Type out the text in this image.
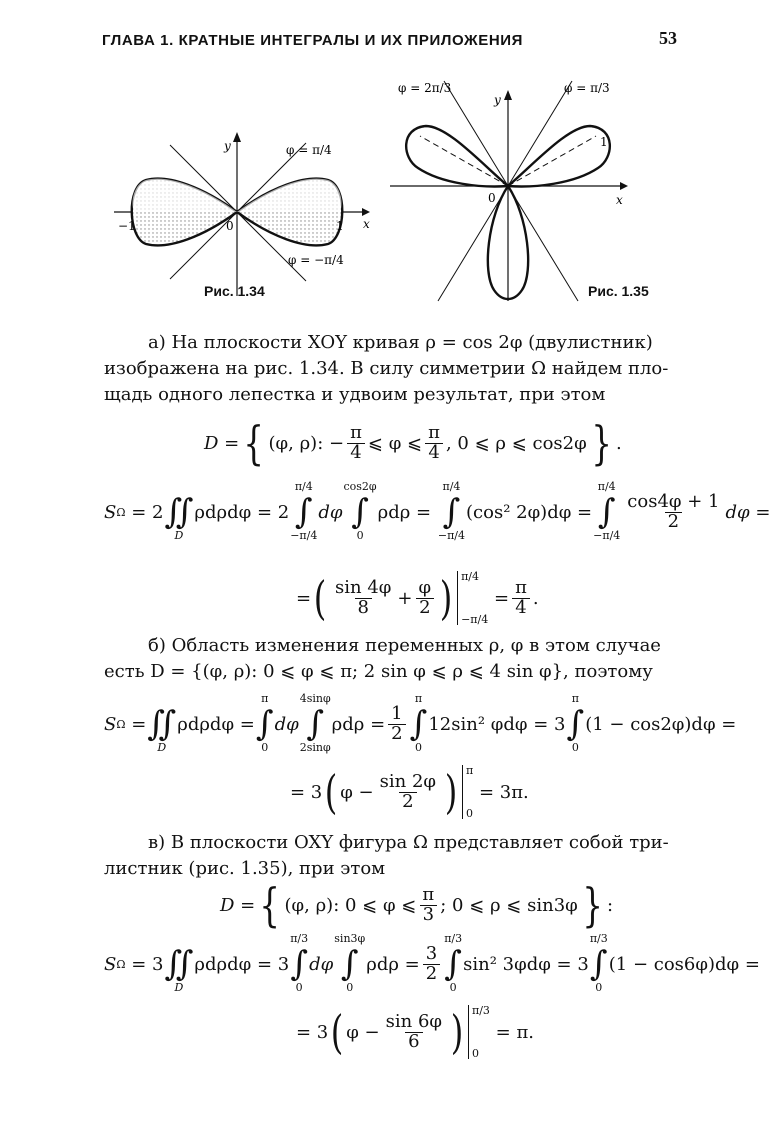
ГЛАВА 1. КРАТНЫЕ ИНТЕГРАЛЫ И ИХ ПРИЛОЖЕНИЯ	53
y
x
φ = π/4
φ = −π/4
−1	0	1
Рис. 1.34
y
x
φ = 2π/3	φ = π/3
0
1
Рис. 1.35
а) На плоскости XOY кривая ρ = cos 2φ (двулистник)
изображена на рис. 1.34. В силу симметрии Ω найдем пло-
щадь одного лепестка и удвоим результат, при этом
D = { (φ, ρ): − $\frac{\pi}{4}$ ⩽ φ ⩽ $\frac{\pi}{4}$ , 0 ⩽ ρ ⩽ cos2φ } .
S Ω = 2 ∬
D
ρdρdφ = 2
π/4
∫
−π/4
dφ
cos2φ
∫
0
ρdρ =
π/4
∫
−π/4
(cos² 2φ)dφ =
π/4
∫
−π/4
$\frac{\cos 4\varphi + 1}{2}$ dφ =
= ( $\frac{\sin 4\varphi}{8} + \frac{\varphi}{2}$ ) π/4
−π/4

= $\frac{\pi}{4}$ .
б) Область изменения переменных ρ, φ в этом случае
есть D = {(φ, ρ): 0 ⩽ φ ⩽ π; 2 sin φ ⩽ ρ ⩽ 4 sin φ}, поэтому
S Ω = ∬
D
ρdρdφ =
π
∫
0
dφ
4sinφ
∫
2sinφ
$\rho d\rho = \frac{1}{2}$
π
∫
0
12sin² φdφ = 3
π
∫
0
(1 − cos2φ)dφ =
= 3 ( $\varphi - \frac{\sin 2\varphi}{2}$ ) π
0

= 3π.
в) В плоскости OXY фигура Ω представляет собой три-
листник (рис. 1.35), при этом
D = { (φ, ρ): 0 ⩽ φ ⩽ $\frac{\pi}{3}$ ; 0 ⩽ ρ ⩽ sin3φ } :
S Ω = 3 ∬
D
ρdρdφ = 3
π/3
∫
0
dφ
sin3φ
∫
0
$\rho d\rho = \frac{3}{2}$
π/3
∫
0
sin² 3φdφ = 3
π/3
∫
0
(1 − cos6φ)dφ =
= 3 ( $\varphi - \frac{\sin 6\varphi}{6}$ ) π/3
0

= π.
